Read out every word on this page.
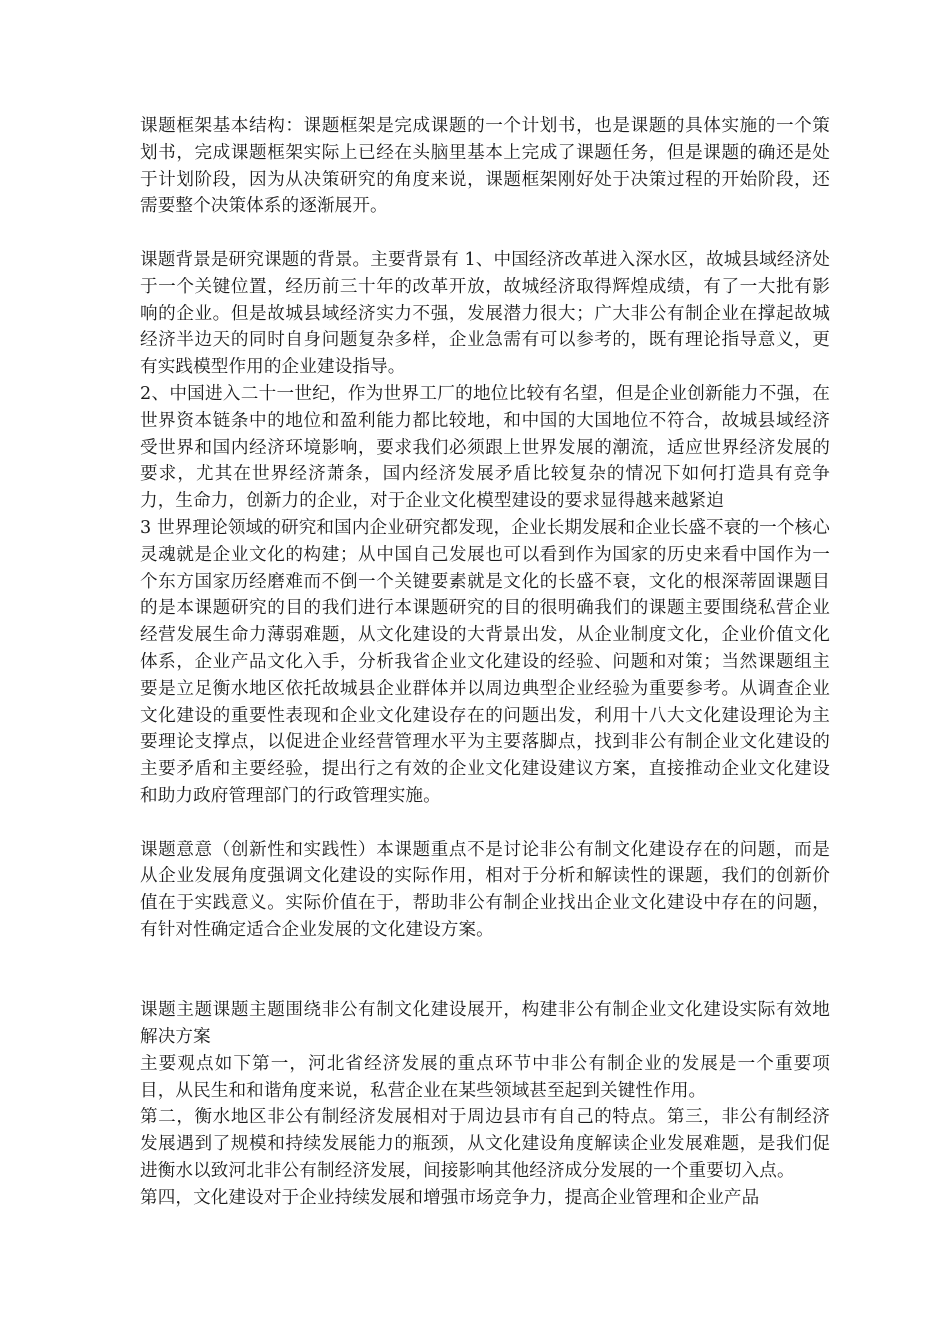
课题框架基本结构：课题框架是完成课题的一个计划书，也是课题的具体实施的一个策划书，完成课题框架实际上已经在头脑里基本上完成了课题任务，但是课题的确还是处于计划阶段，因为从决策研究的角度来说，课题框架刚好处于决策过程的开始阶段，还需要整个决策体系的逐渐展开。

课题背景是研究课题的背景。主要背景有 1、中国经济改革进入深水区，故城县域经济处于一个关键位置，经历前三十年的改革开放，故城经济取得辉煌成绩，有了一大批有影响的企业。但是故城县域经济实力不强，发展潜力很大；广大非公有制企业在撑起故城经济半边天的同时自身问题复杂多样，企业急需有可以参考的，既有理论指导意义，更有实践模型作用的企业建设指导。

2、中国进入二十一世纪，作为世界工厂的地位比较有名望，但是企业创新能力不强，在世界资本链条中的地位和盈利能力都比较地，和中国的大国地位不符合，故城县域经济受世界和国内经济环境影响，要求我们必须跟上世界发展的潮流，适应世界经济发展的要求，尤其在世界经济萧条，国内经济发展矛盾比较复杂的情况下如何打造具有竞争力，生命力，创新力的企业，对于企业文化模型建设的要求显得越来越紧迫

3 世界理论领域的研究和国内企业研究都发现，企业长期发展和企业长盛不衰的一个核心灵魂就是企业文化的构建；从中国自己发展也可以看到作为国家的历史来看中国作为一个东方国家历经磨难而不倒一个关键要素就是文化的长盛不衰，文化的根深蒂固课题目的是本课题研究的目的我们进行本课题研究的目的很明确我们的课题主要围绕私营企业经营发展生命力薄弱难题，从文化建设的大背景出发，从企业制度文化，企业价值文化体系，企业产品文化入手，分析我省企业文化建设的经验、问题和对策；当然课题组主要是立足衡水地区依托故城县企业群体并以周边典型企业经验为重要参考。从调查企业文化建设的重要性表现和企业文化建设存在的问题出发，利用十八大文化建设理论为主要理论支撑点，以促进企业经营管理水平为主要落脚点，找到非公有制企业文化建设的主要矛盾和主要经验，提出行之有效的企业文化建设建议方案，直接推动企业文化建设和助力政府管理部门的行政管理实施。

课题意意（创新性和实践性）本课题重点不是讨论非公有制文化建设存在的问题，而是从企业发展角度强调文化建设的实际作用，相对于分析和解读性的课题，我们的创新价值在于实践意义。实际价值在于，帮助非公有制企业找出企业文化建设中存在的问题，有针对性确定适合企业发展的文化建设方案。

课题主题课题主题围绕非公有制文化建设展开，构建非公有制企业文化建设实际有效地解决方案

主要观点如下第一，河北省经济发展的重点环节中非公有制企业的发展是一个重要项目，从民生和和谐角度来说，私营企业在某些领域甚至起到关键性作用。

第二，衡水地区非公有制经济发展相对于周边县市有自己的特点。第三，非公有制经济发展遇到了规模和持续发展能力的瓶颈，从文化建设角度解读企业发展难题，是我们促进衡水以致河北非公有制经济发展，间接影响其他经济成分发展的一个重要切入点。

第四，文化建设对于企业持续发展和增强市场竞争力，提高企业管理和企业产品
